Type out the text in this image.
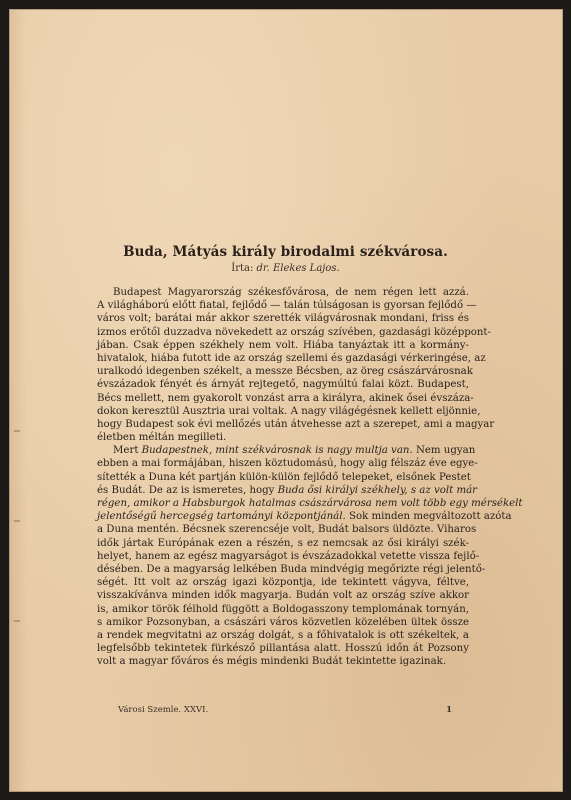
Buda, Mátyás király birodalmi székvárosa.
Írta: dr. Elekes Lajos.
Budapest Magyarország székesfővárosa, de nem régen lett azzá.
A világháború előtt fiatal, fejlődő — talán túlságosan is gyorsan fejlődő —
város volt; barátai már akkor szerették világvárosnak mondani, friss és
izmos erőtől duzzadva növekedett az ország szívében, gazdasági középpont-
jában. Csak éppen székhely nem volt. Hiába tanyáztak itt a kormány-
hivatalok, hiába futott ide az ország szellemi és gazdasági vérkeringése, az
uralkodó idegenben székelt, a messze Bécsben, az öreg császárvárosnak
évszázadok fényét és árnyát rejtegető, nagymúltú falai közt. Budapest,
Bécs mellett, nem gyakorolt vonzást arra a királyra, akinek ősei évszáza-
dokon keresztül Ausztria urai voltak. A nagy világégésnek kellett eljönnie,
hogy Budapest sok évi mellőzés után átvehesse azt a szerepet, ami a magyar
életben méltán megilleti.
Mert Budapestnek, mint székvárosnak is nagy multja van. Nem ugyan
ebben a mai formájában, hiszen köztudomású, hogy alig félszáz éve egye-
sítették a Duna két partján külön-külön fejlődő telepeket, elsőnek Pestet
és Budát. De az is ismeretes, hogy Buda ősi királyi székhely, s az volt már
régen, amikor a Habsburgok hatalmas császárvárosa nem volt több egy mérsékelt
jelentőségű hercegség tartományi központjánál. Sok minden megváltozott azóta
a Duna mentén. Bécsnek szerencséje volt, Budát balsors üldözte. Viharos
idők jártak Európának ezen a részén, s ez nemcsak az ősi királyi szék-
helyet, hanem az egész magyarságot is évszázadokkal vetette vissza fejlő-
désében. De a magyarság lelkében Buda mindvégig megőrizte régi jelentő-
ségét. Itt volt az ország igazi központja, ide tekintett vágyva, féltve,
visszakívánva minden idők magyarja. Budán volt az ország szíve akkor
is, amikor török félhold függött a Boldogasszony templomának tornyán,
s amikor Pozsonyban, a császári város közvetlen közelében ültek össze
a rendek megvitatni az ország dolgát, s a főhivatalok is ott székeltek, a
legfelsőbb tekintetek fürkésző pillantása alatt. Hosszú időn át Pozsony
volt a magyar főváros és mégis mindenki Budát tekintette igazinak.
Városi Szemle. XXVI.	1
